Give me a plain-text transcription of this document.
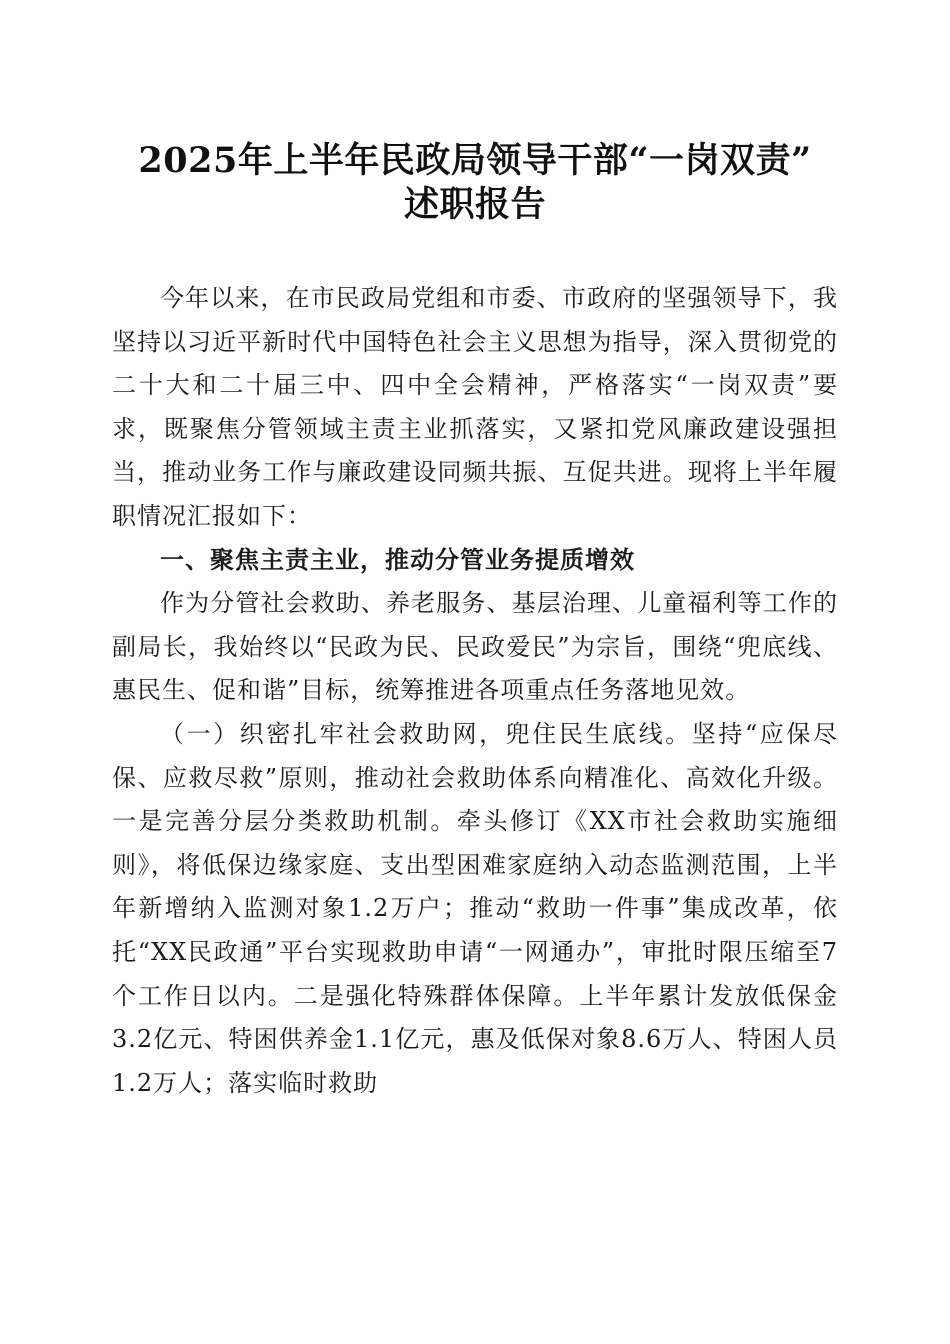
2025年上半年民政局领导干部“一岗双责”
述职报告

今年以来，在市民政局党组和市委、市政府的坚强领导下，我坚持以习近平新时代中国特色社会主义思想为指导，深入贯彻党的二十大和二十届三中、四中全会精神，严格落实“一岗双责”要求，既聚焦分管领域主责主业抓落实，又紧扣党风廉政建设强担当，推动业务工作与廉政建设同频共振、互促共进。现将上半年履职情况汇报如下：

一、聚焦主责主业，推动分管业务提质增效

作为分管社会救助、养老服务、基层治理、儿童福利等工作的副局长，我始终以“民政为民、民政爱民”为宗旨，围绕“兜底线、惠民生、促和谐”目标，统筹推进各项重点任务落地见效。

（一）织密扎牢社会救助网，兜住民生底线。坚持“应保尽保、应救尽救”原则，推动社会救助体系向精准化、高效化升级。一是完善分层分类救助机制。牵头修订《XX市社会救助实施细则》，将低保边缘家庭、支出型困难家庭纳入动态监测范围，上半年新增纳入监测对象1.2万户；推动“救助一件事”集成改革，依托“XX民政通”平台实现救助申请“一网通办”，审批时限压缩至7个工作日以内。二是强化特殊群体保障。上半年累计发放低保金3.2亿元、特困供养金1.1亿元，惠及低保对象8.6万人、特困人员1.2万人；落实临时救助
